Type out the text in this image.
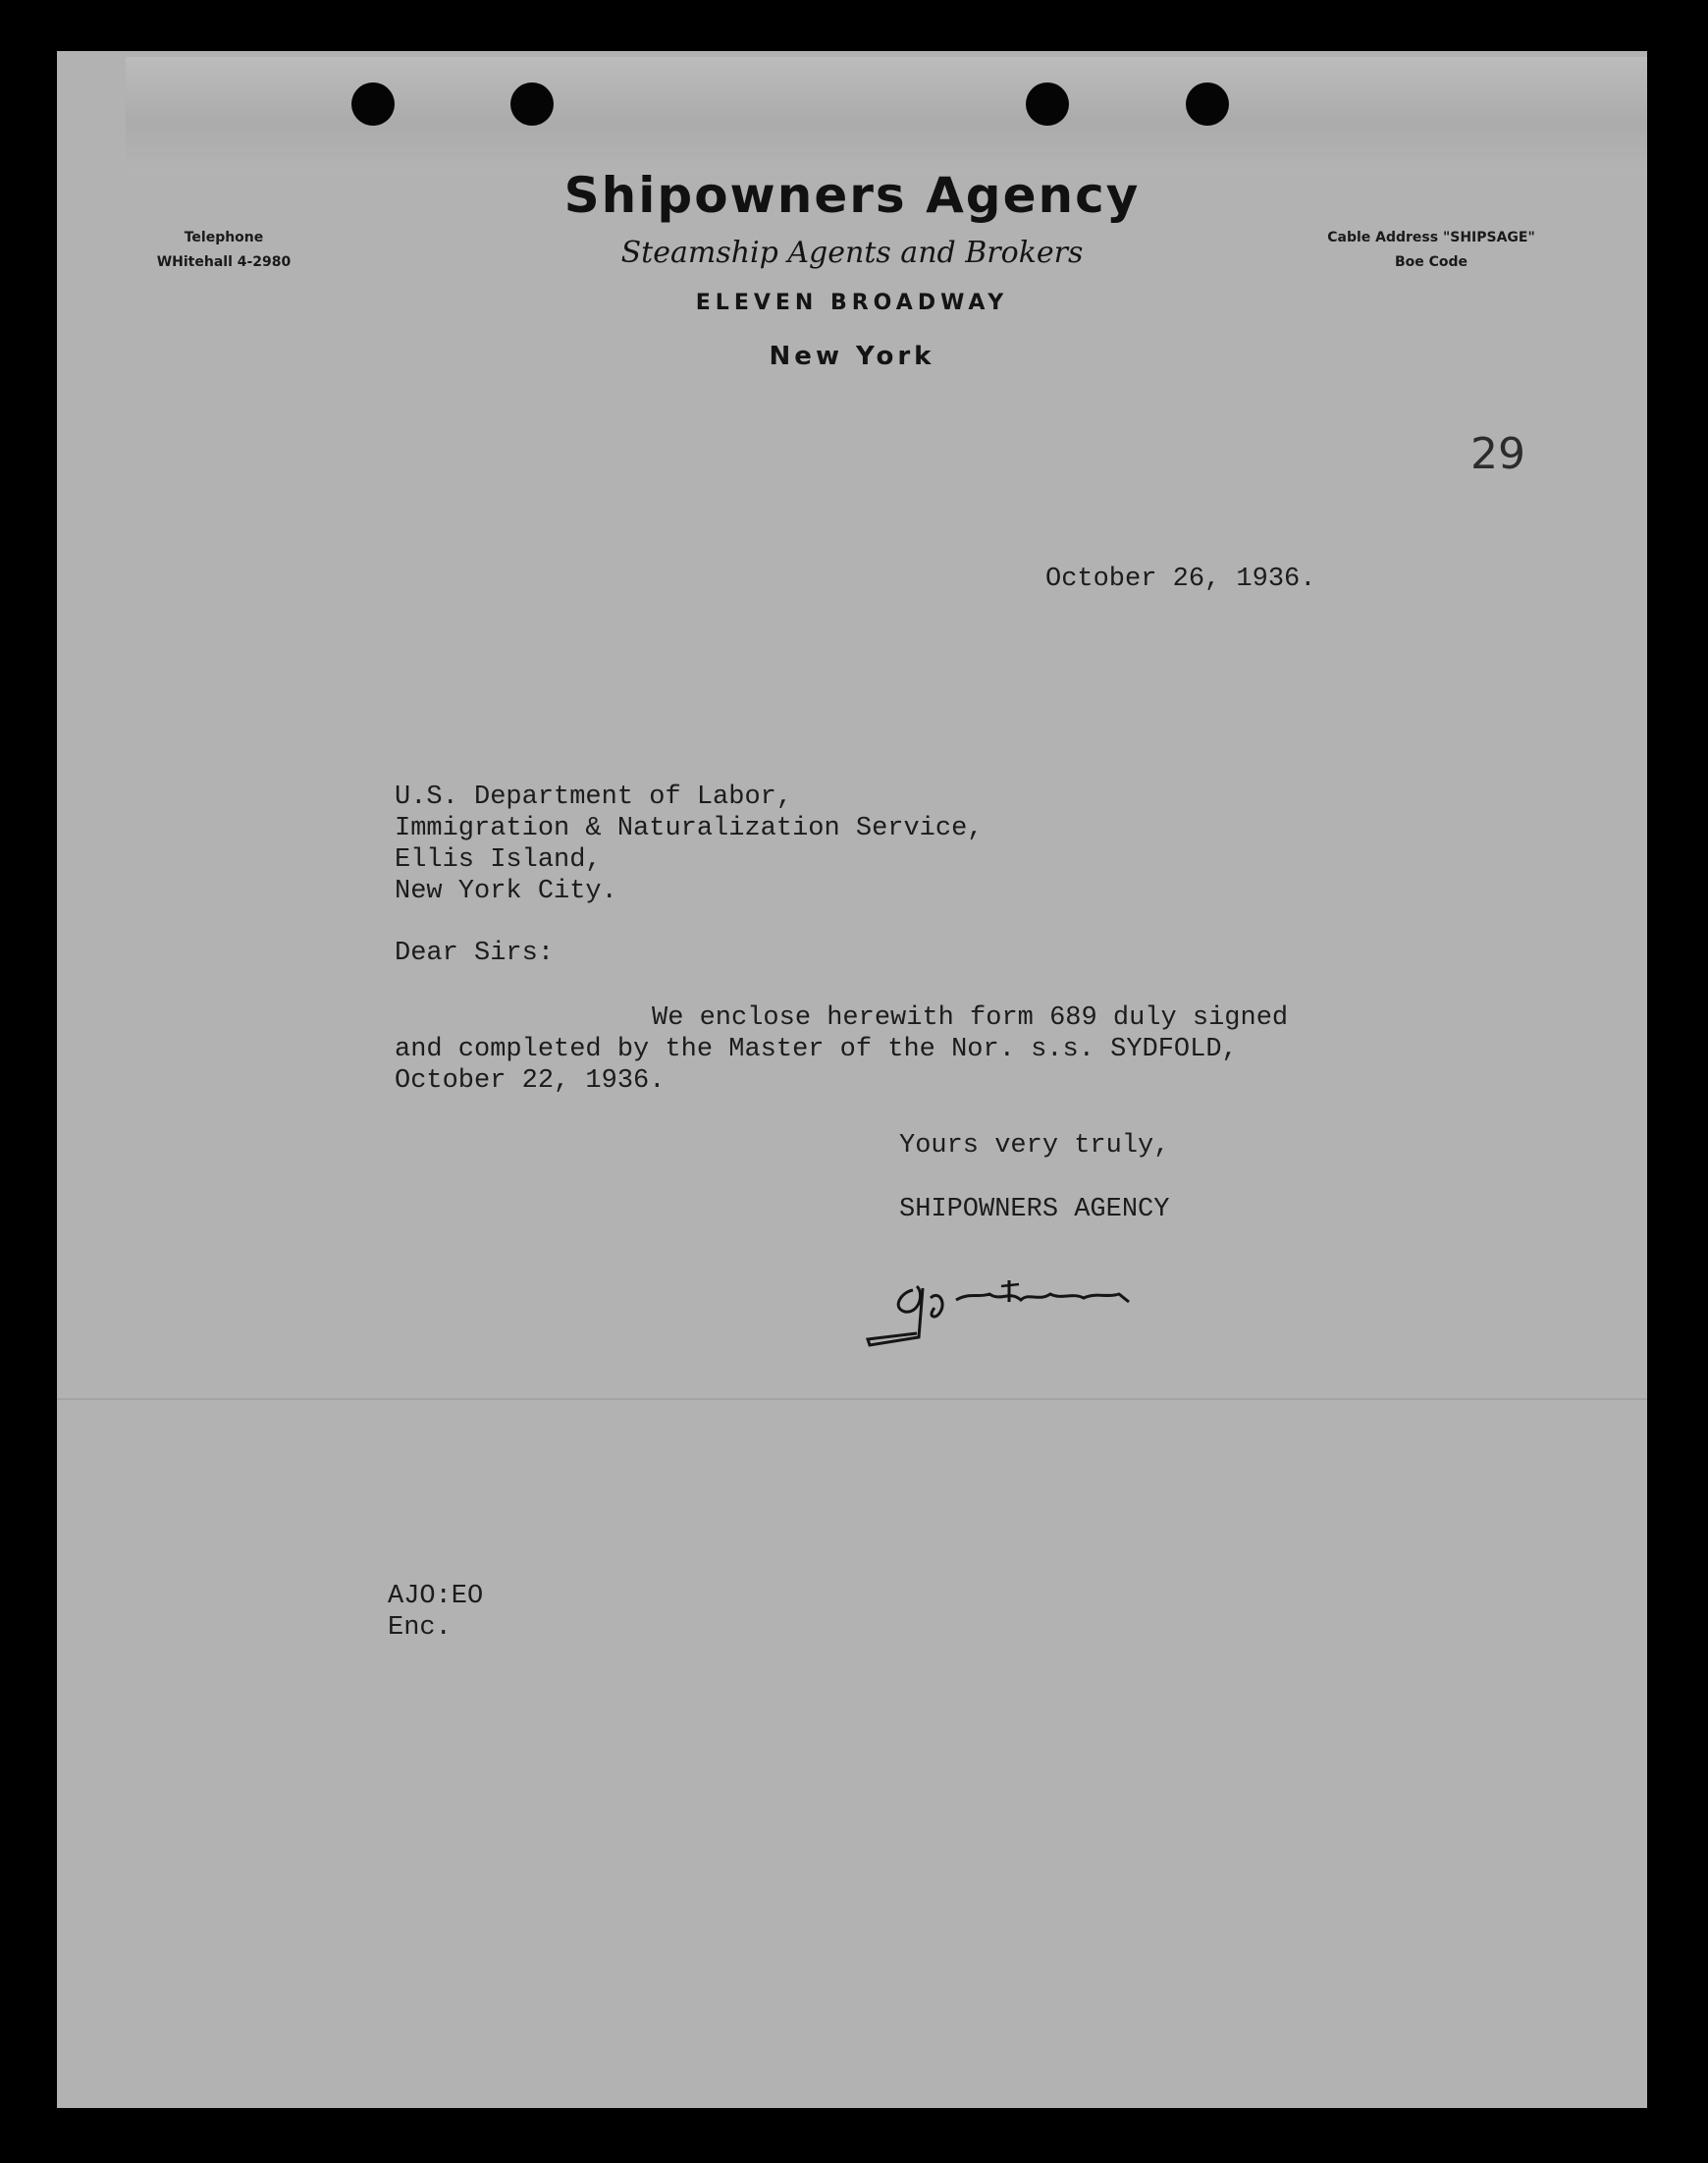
Shipowners Agency
Steamship Agents and Brokers
ELEVEN BROADWAY
New York
Telephone
WHitehall 4-2980
Cable Address "SHIPSAGE"
Boe Code
29
October 26, 1936.
U.S. Department of Labor,
Immigration & Naturalization Service,
Ellis Island,
New York City.
Dear Sirs:
We enclose herewith form 689 duly signed
and completed by the Master of the Nor. s.s. SYDFOLD,
October 22, 1936.
Yours very truly,
SHIPOWNERS AGENCY
AJO:EO
Enc.
